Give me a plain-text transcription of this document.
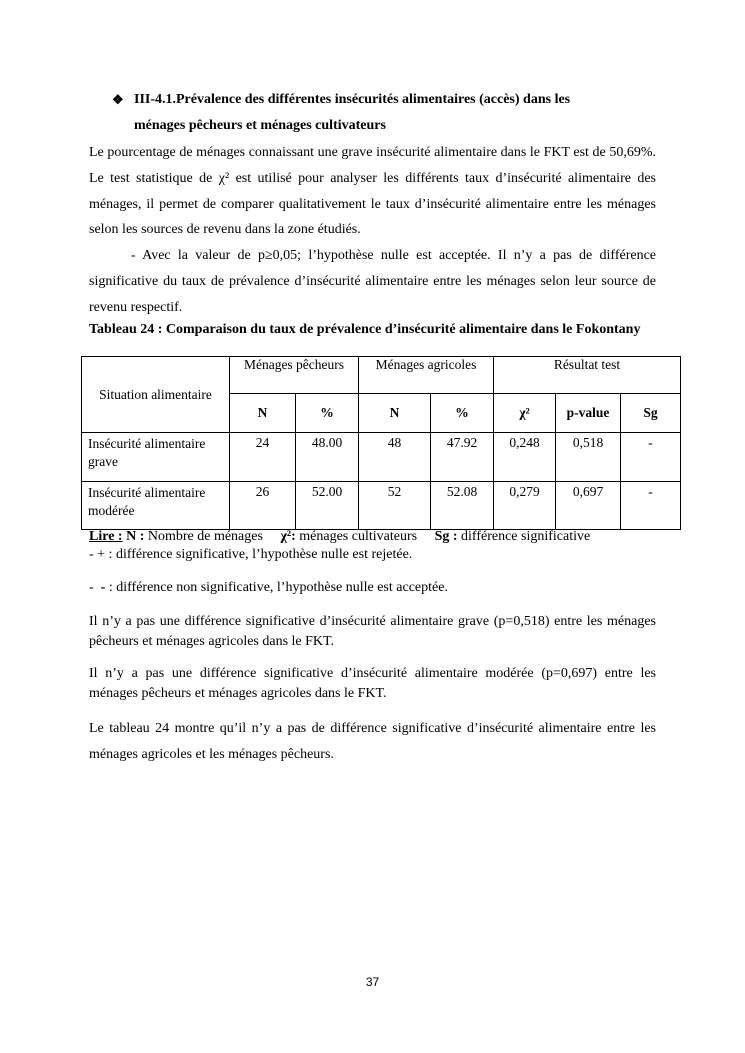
❖ III-4.1.Prévalence des différentes insécurités alimentaires (accès) dans les
ménages pêcheurs et ménages cultivateurs

Le pourcentage de ménages connaissant une grave insécurité alimentaire dans le FKT est de 50,69%. Le test statistique de χ² est utilisé pour analyser les différents taux d’insécurité alimentaire des ménages, il permet de comparer qualitativement le taux d’insécurité alimentaire entre les ménages selon les sources de revenu dans la zone étudiés.

- Avec la valeur de p≥0,05; l’hypothèse nulle est acceptée. Il n’y a pas de différence significative du taux de prévalence d’insécurité alimentaire entre les ménages selon leur source de revenu respectif.

Tableau 24 : Comparaison du taux de prévalence d’insécurité alimentaire dans le Fokontany
Situation alimentaire	Ménages pêcheurs		Ménages agricoles		Résultat test		
	N	%	N	%	χ²	p-value	Sg
Insécurité alimentaire grave	24	48.00	48	47.92	0,248	0,518	-
Insécurité alimentaire modérée	26	52.00	52	52.08	0,279	0,697	-
Lire : N : Nombre de ménages χ²: ménages cultivateurs Sg : différence significative
- + : différence significative, l’hypothèse nulle est rejetée.
- - : différence non significative, l’hypothèse nulle est acceptée.

Il n’y a pas une différence significative d’insécurité alimentaire grave (p=0,518) entre les ménages pêcheurs et ménages agricoles dans le FKT.

Il n’y a pas une différence significative d’insécurité alimentaire modérée (p=0,697) entre les ménages pêcheurs et ménages agricoles dans le FKT.

Le tableau 24 montre qu’il n’y a pas de différence significative d’insécurité alimentaire entre les ménages agricoles et les ménages pêcheurs.

37
